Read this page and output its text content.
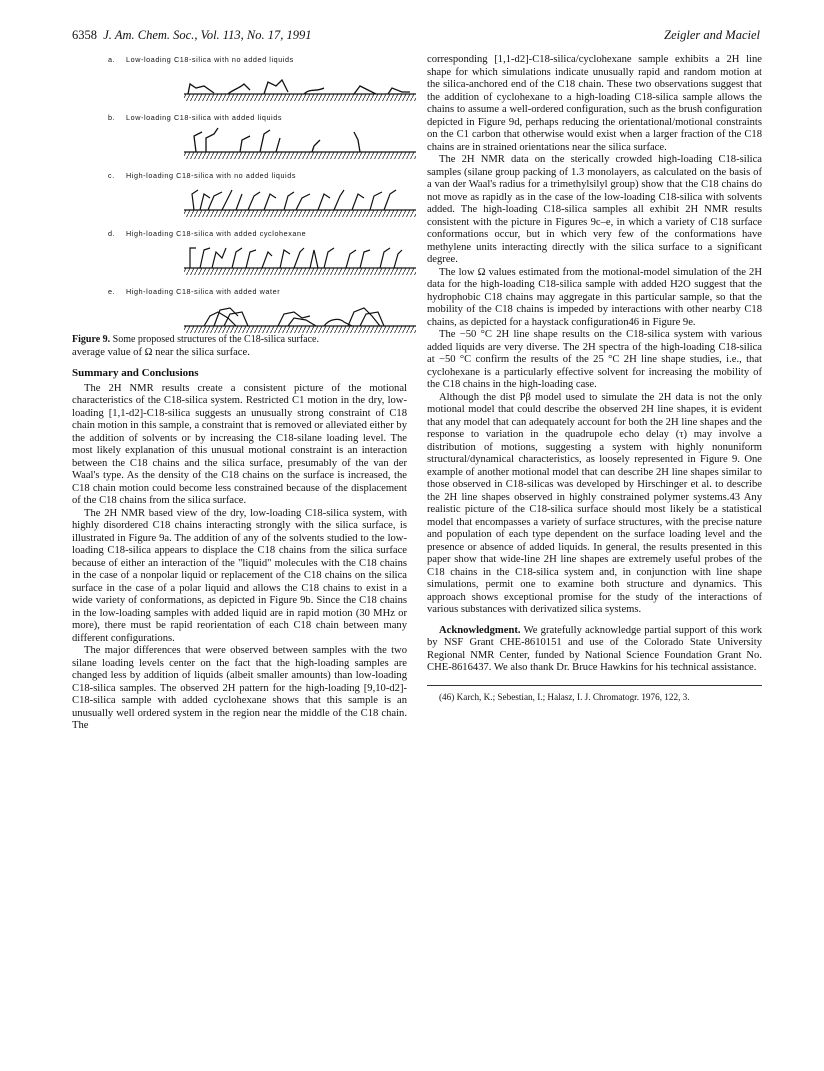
6358 J. Am. Chem. Soc., Vol. 113, No. 17, 1991	Zeigler and Maciel
a. Low-loading C18-silica with no added liquids
b. Low-loading C18-silica with added liquids
c. High-loading C18-silica with no added liquids
d. High-loading C18-silica with added cyclohexane
e. High-loading C18-silica with added water

Figure 9. Some proposed structures of the C18-silica surface.

average value of Ω near the silica surface.

Summary and Conclusions

The 2H NMR results create a consistent picture of the motional characteristics of the C18-silica system. Restricted C1 motion in the dry, low-loading [1,1-d2]-C18-silica suggests an unusually strong constraint of C18 chain motion in this sample, a constraint that is removed or alleviated either by the addition of solvents or by increasing the C18-silane loading level. The most likely explanation of this unusual motional constraint is an interaction between the C18 chains and the silica surface, presumably of the van der Waal's type. As the density of the C18 chains on the surface is increased, the C18 chain motion could become less constrained because of the displacement of the C18 chains from the silica surface.

The 2H NMR based view of the dry, low-loading C18-silica system, with highly disordered C18 chains interacting strongly with the silica surface, is illustrated in Figure 9a. The addition of any of the solvents studied to the low-loading C18-silica appears to displace the C18 chains from the silica surface because of either an interaction of the "liquid" molecules with the C18 chains in the case of a nonpolar liquid or replacement of the C18 chains on the silica surface in the case of a polar liquid and allows the C18 chains to exist in a wide variety of conformations, as depicted in Figure 9b. Since the C18 chains in the low-loading samples with added liquid are in rapid motion (30 MHz or more), there must be rapid reorientation of each C18 chain between many different configurations.

The major differences that were observed between samples with the two silane loading levels center on the fact that the high-loading samples are changed less by addition of liquids (albeit smaller amounts) than low-loading C18-silica samples. The observed 2H pattern for the high-loading [9,10-d2]-C18-silica sample with added cyclohexane shows that this sample is an unusually well ordered system in the region near the middle of the C18 chain. The

corresponding [1,1-d2]-C18-silica/cyclohexane sample exhibits a 2H line shape for which simulations indicate unusually rapid and random motion at the silica-anchored end of the C18 chain. These two observations suggest that the addition of cyclohexane to a high-loading C18-silica sample allows the chains to assume a well-ordered configuration, such as the brush configuration depicted in Figure 9d, perhaps reducing the orientational/motional constraints on the C1 carbon that otherwise would exist when a larger fraction of the C18 chains are in strained orientations near the silica surface.

The 2H NMR data on the sterically crowded high-loading C18-silica samples (silane group packing of 1.3 monolayers, as calculated on the basis of a van der Waal's radius for a trimethylsilyl group) show that the C18 chains do not move as rapidly as in the case of the low-loading C18-silica with solvents added. The high-loading C18-silica samples all exhibit 2H NMR results consistent with the picture in Figures 9c–e, in which a variety of C18 surface conformations occur, but in which very few of the conformations have methylene units interacting directly with the silica surface to a significant degree.

The low Ω values estimated from the motional-model simulation of the 2H data for the high-loading C18-silica sample with added H2O suggest that the hydrophobic C18 chains may aggregate in this particular sample, so that the mobility of the C18 chains is impeded by interactions with other nearby C18 chains, as depicted for a haystack configuration46 in Figure 9e.

The −50 °C 2H line shape results on the C18-silica system with various added liquids are very diverse. The 2H spectra of the high-loading C18-silica at −50 °C confirm the results of the 25 °C 2H line shape studies, i.e., that cyclohexane is a particularly effective solvent for increasing the mobility of the C18 chains in the high-loading case.

Although the dist Pβ model used to simulate the 2H data is not the only motional model that could describe the observed 2H line shapes, it is evident that any model that can adequately account for both the 2H line shapes and the response to variation in the quadrupole echo delay (τ) may involve a distribution of motions, suggesting a system with highly nonuniform structural/dynamical characteristics, as loosely represented in Figure 9. One example of another motional model that can describe 2H line shapes similar to those observed in C18-silicas was developed by Hirschinger et al. to describe the 2H line shapes observed in highly constrained polymer systems.43 Any realistic picture of the C18-silica surface should most likely be a statistical model that encompasses a variety of surface structures, with the precise nature and population of each type dependent on the surface loading level and the presence or absence of added liquids. In general, the results presented in this paper show that wide-line 2H line shapes are extremely useful probes of the C18 chains in the C18-silica system and, in conjunction with line shape simulations, permit one to examine both structure and dynamics. This approach shows exceptional promise for the study of the interactions of various substances with derivatized silica systems.

Acknowledgment. We gratefully acknowledge partial support of this work by NSF Grant CHE-8610151 and use of the Colorado State University Regional NMR Center, funded by National Science Foundation Grant No. CHE-8616437. We also thank Dr. Bruce Hawkins for his technical assistance.

(46) Karch, K.; Sebestian, I.; Halasz, I. J. Chromatogr. 1976, 122, 3.
